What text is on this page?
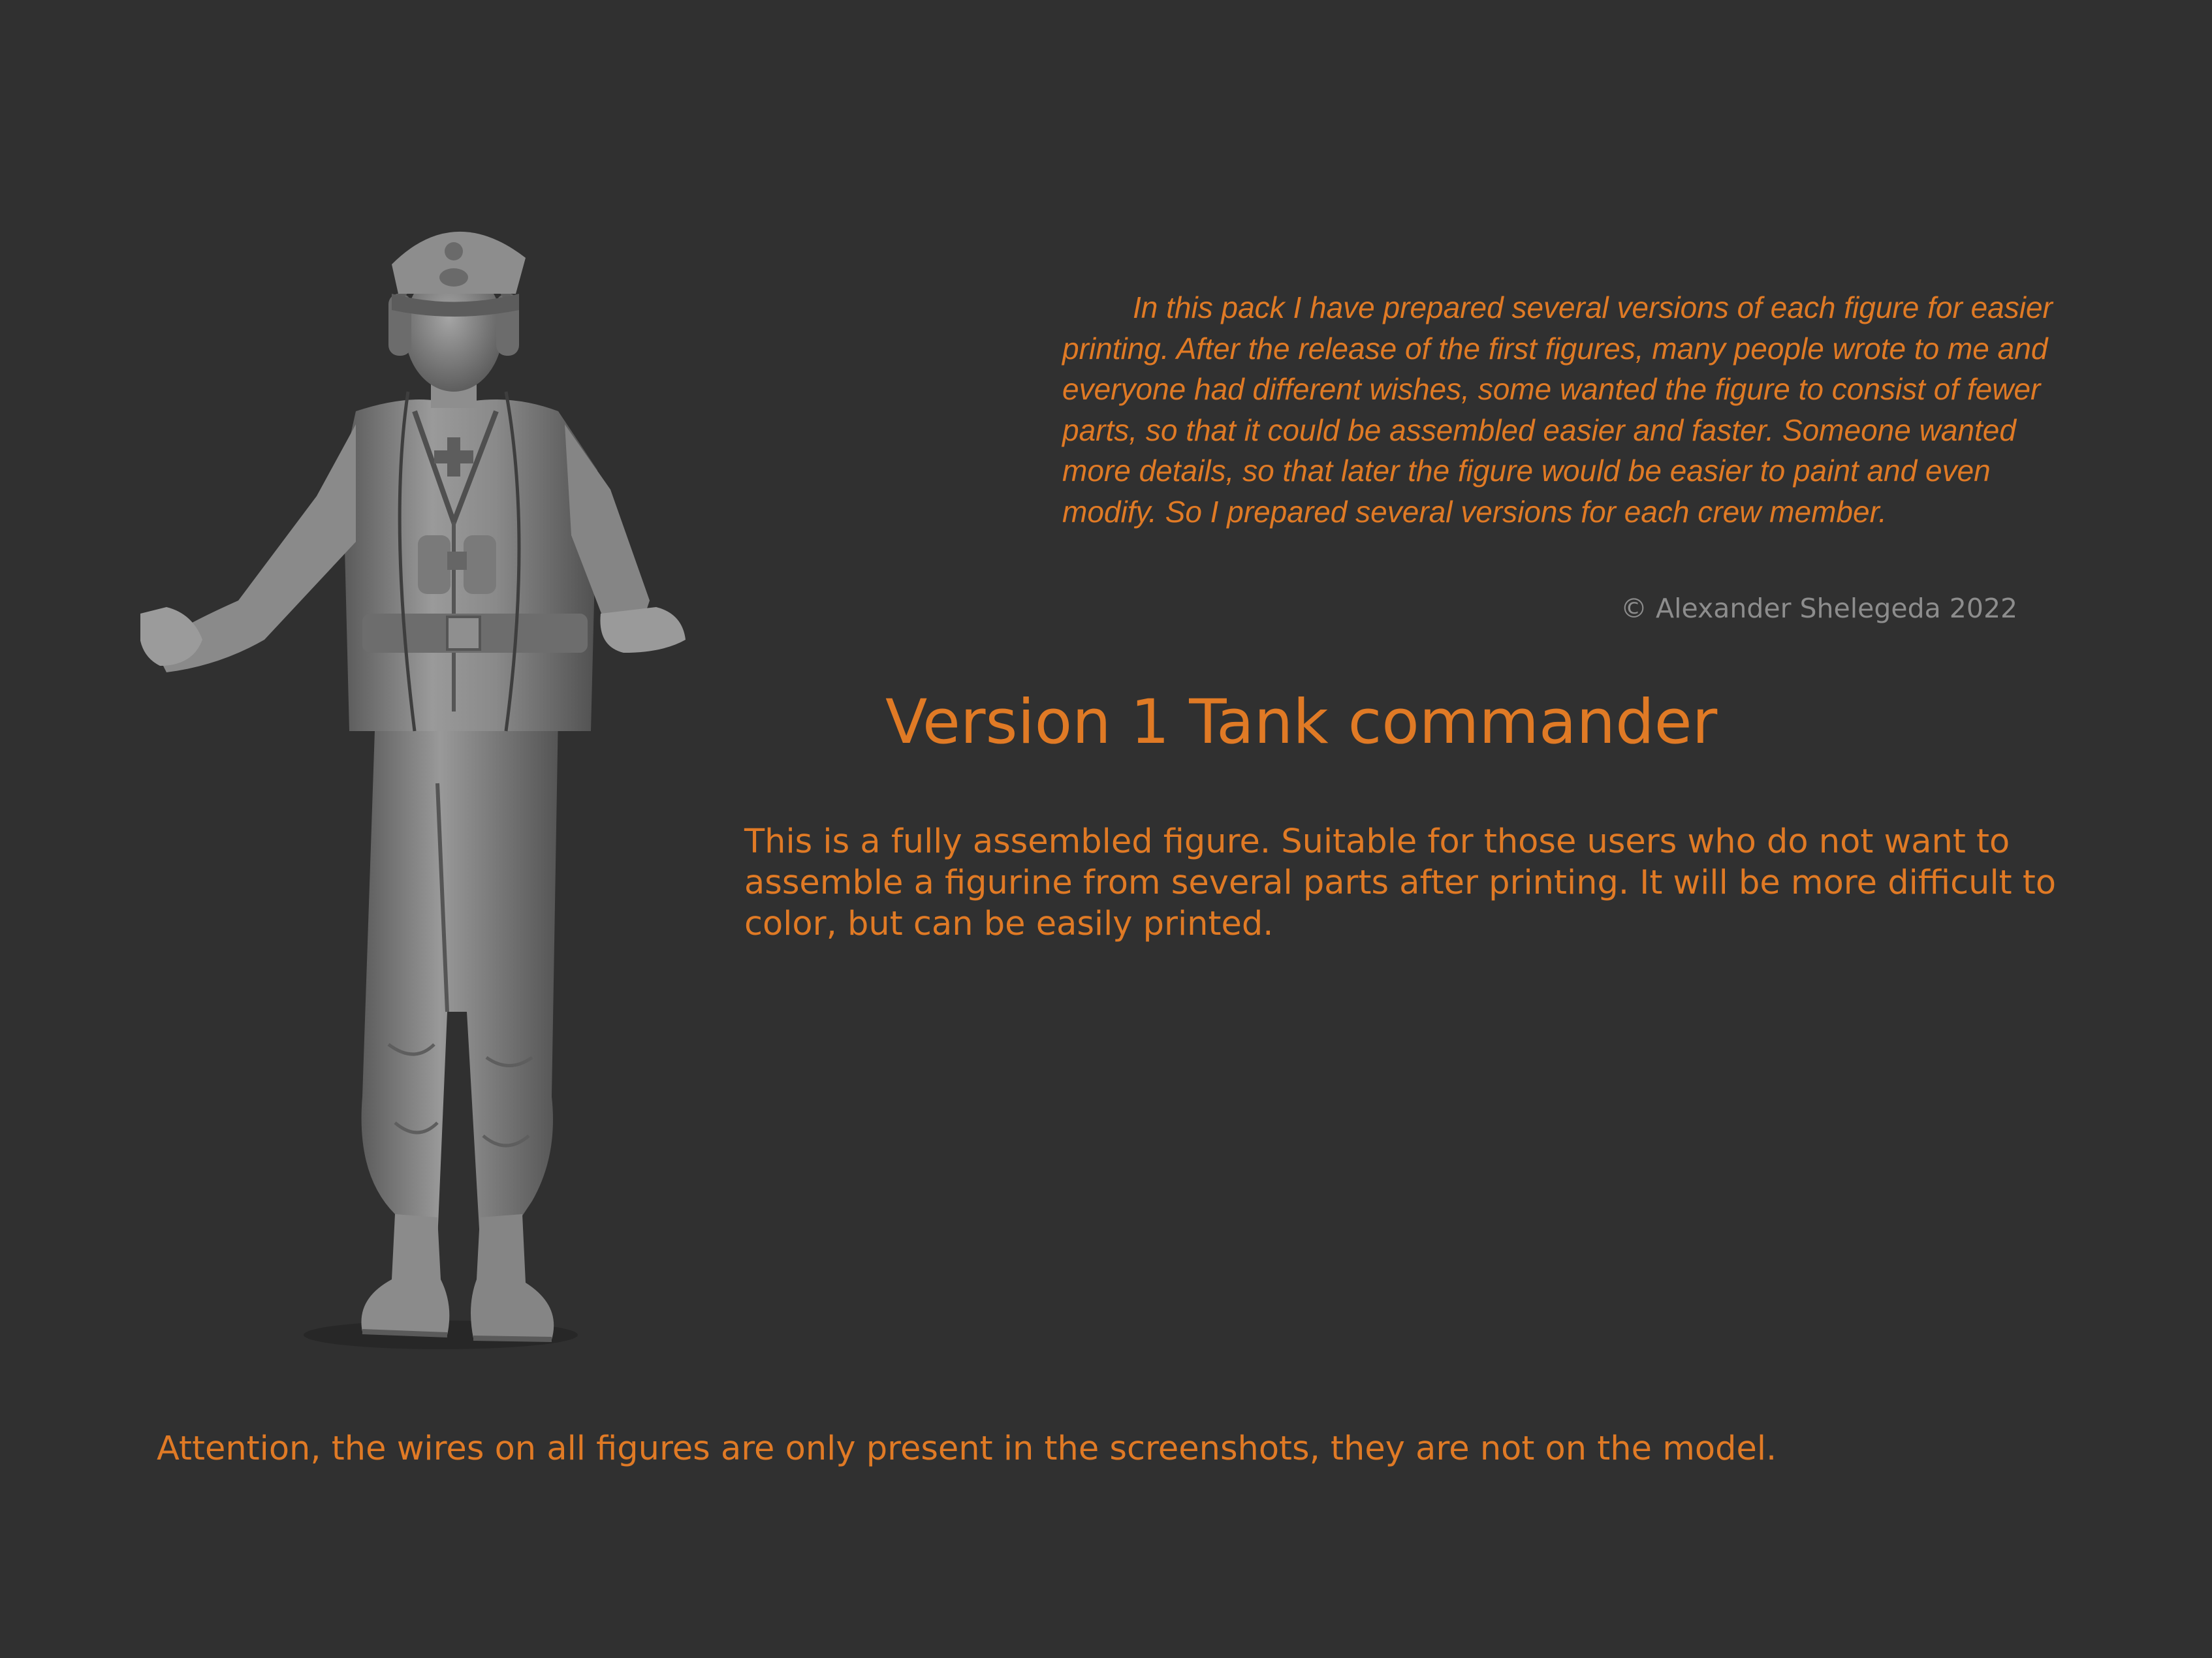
In this pack I have prepared several versions of each figure for easier printing. After the release of the first figures, many people wrote to me and everyone had different wishes, some wanted the figure to consist of fewer parts, so that it could be assembled easier and faster. Someone wanted more details, so that later the figure would be easier to paint and even modify. So I prepared several versions for each crew member.

© Alexander Shelegeda 2022

Version 1 Tank commander

This is a fully assembled figure. Suitable for those users who do not want to assemble a figurine from several parts after printing. It will be more difficult to color, but can be easily printed.

Attention, the wires on all figures are only present in the screenshots, they are not on the model.
